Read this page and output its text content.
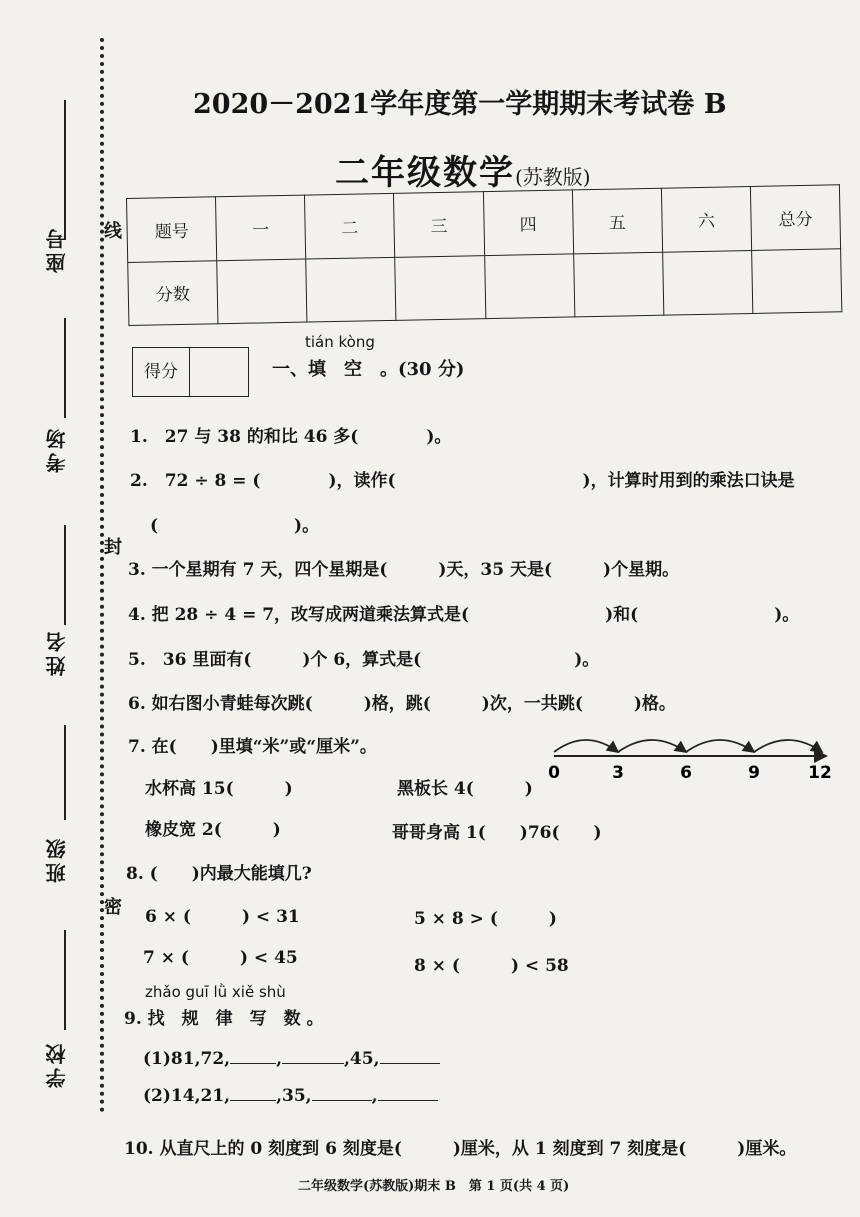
座号
考场
姓名
班级
学校
线
封
密
2020－2021学年度第一学期期末考试卷 B
二年级数学(苏教版)
题号	一	二	三	四	五	六	总分
分数							
得分
tián kòng
一、填　空　。(30 分)
1.　27 与 38 的和比 46 多(　　　　)。
2.　72 ÷ 8 = (　　　　)，读作(　　　　　　　　　　　)，计算时用到的乘法口诀是
(　　　　　　　　)。
3. 一个星期有 7 天，四个星期是(　　　)天，35 天是(　　　)个星期。
4. 把 28 ÷ 4 = 7，改写成两道乘法算式是(　　　　　　　　)和(　　　　　　　　)。
5.　36 里面有(　　　)个 6，算式是(　　　　　　　　　)。
6. 如右图小青蛙每次跳(　　　)格，跳(　　　)次，一共跳(　　　)格。
7. 在(　　)里填“米”或“厘米”。
0	3	6	9	12
水杯高 15(　　　)	黑板长 4(　　　)
橡皮宽 2(　　　)	哥哥身高 1(　　)76(　　)
8. (　　)内最大能填几?
6 × (　　　) < 31	5 × 8 > (　　　)
7 × (　　　) < 45	8 × (　　　) < 58
zhǎo guī lǜ xiě shù
9. 找　规　律　写　数 。
(1)81,72,	,	,45,
(2)14,21,	,35,	,
10. 从直尺上的 0 刻度到 6 刻度是(　　　)厘米，从 1 刻度到 7 刻度是(　　　)厘米。
二年级数学(苏教版)期末 B　第 1 页(共 4 页)
